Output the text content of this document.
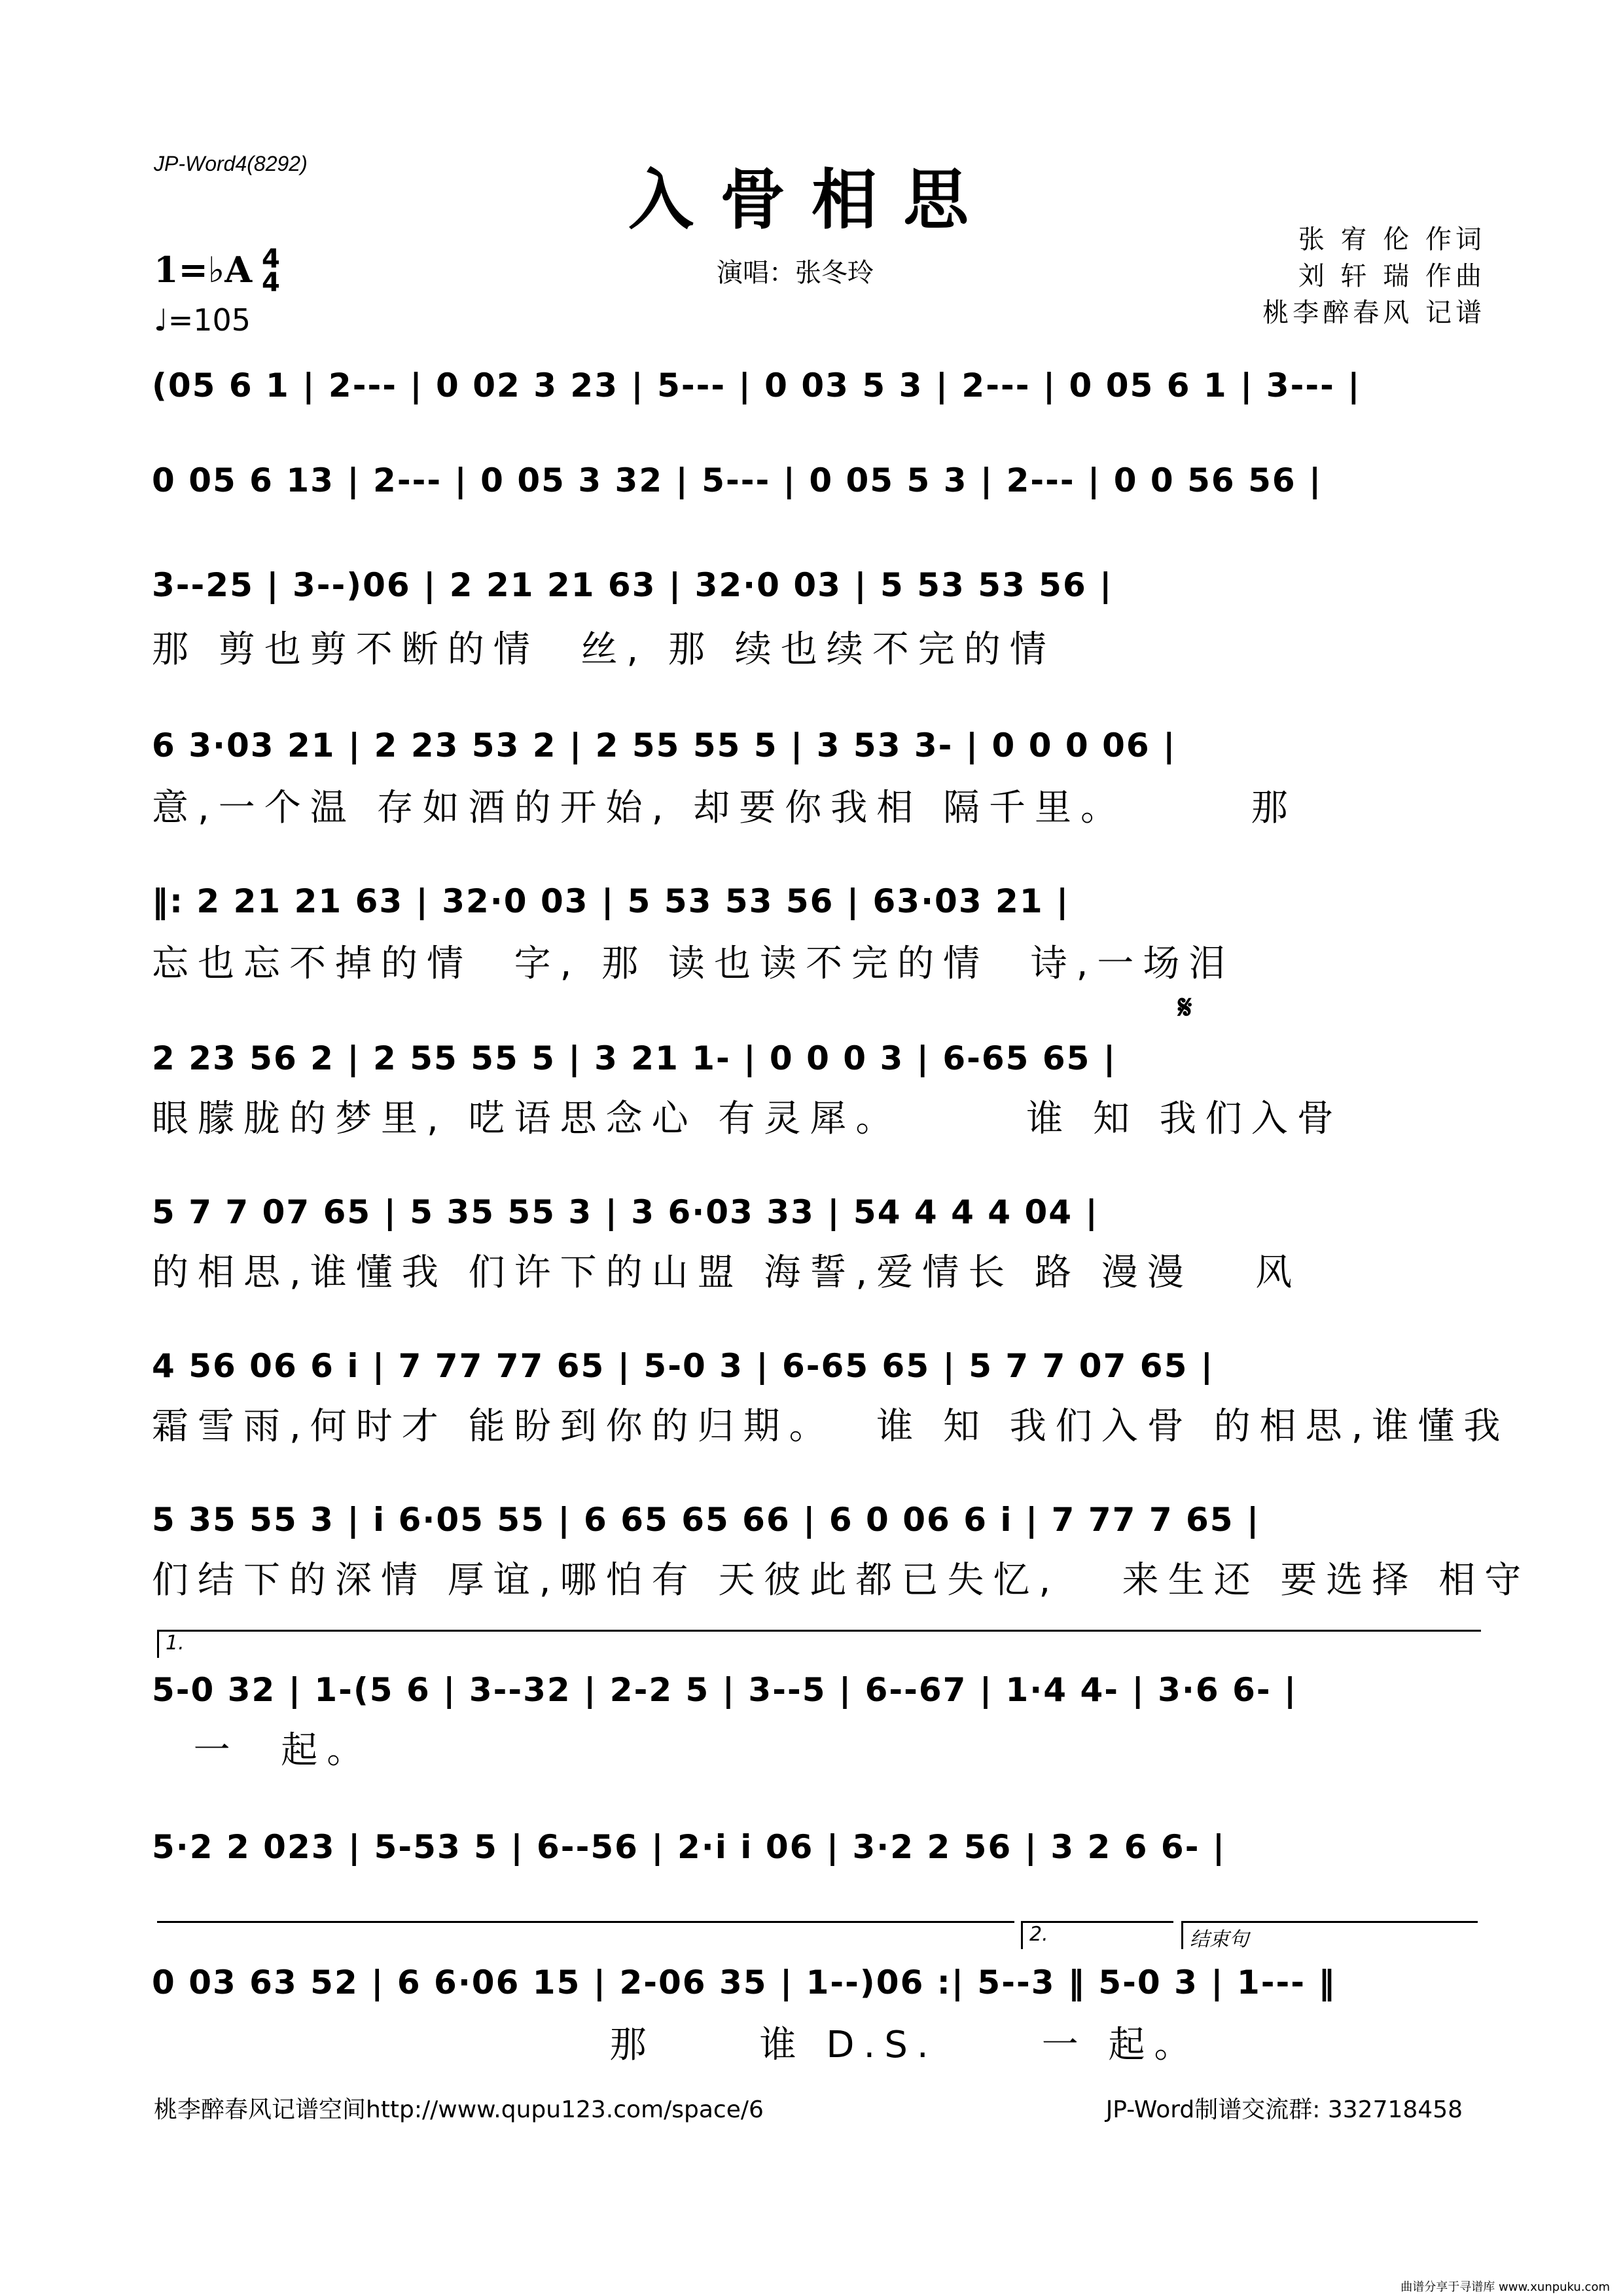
JP-Word4(8292)	入骨相思
1=♭A 4
4
♩=105
演唱：张冬玲
张 宥 伦 作词
刘 轩 瑞 作曲
桃李醉春风 记谱
(05 6 1 | 2--- | 0 02 3 23 | 5--- | 0 03 5 3 | 2--- | 0 05 6 1 | 3--- |
0 05 6 13 | 2--- | 0 05 3 32 | 5--- | 0 05 5 3 | 2--- | 0 0 56 56 |
3--25 | 3--)06 | 2 21 21 63 | 32·0 03 | 5 53 53 56 |
那 剪也剪不断的情  丝, 那 续也续不完的情
6 3·03 21 | 2 23 53 2 | 2 55 55 5 | 3 53 3- | 0 0 0 06 |
意,一个温 存如酒的开始, 却要你我相 隔千里。      那
‖: 2 21 21 63 | 32·0 03 | 5 53 53 56 | 63·03 21 |
忘也忘不掉的情  字, 那 读也读不完的情  诗,一场泪
𝄋
2 23 56 2 | 2 55 55 5 | 3 21 1- | 0 0 0 3 | 6-65 65 |
眼朦胧的梦里, 呓语思念心 有灵犀。      谁 知 我们入骨
5 7 7 07 65 | 5 35 55 3 | 3 6·03 33 | 54 4 4 4 04 |
的相思,谁懂我 们许下的山盟 海誓,爱情长 路 漫漫   风
4 56 06 6 i | 7 77 77 65 | 5-0 3 | 6-65 65 | 5 7 7 07 65 |
霜雪雨,何时才 能盼到你的归期。  谁 知 我们入骨 的相思,谁懂我
5 35 55 3 | i 6·05 55 | 6 65 65 66 | 6 0 06 6 i | 7 77 7 65 |
们结下的深情 厚谊,哪怕有 天彼此都已失忆,   来生还 要选择 相守
1.
5-0 32 | 1-(5 6 | 3--32 | 2-2 5 | 3--5 | 6--67 | 1·4 4- | 3·6 6- |
一  起。
5·2 2 023 | 5-53 5 | 6--56 | 2·i i 06 | 3·2 2 56 | 3 2 6 6- |
2.	结束句
0 03 63 52 | 6 6·06 15 | 2-06 35 | 1--)06 :| 5--3 ‖ 5-0 3 | 1--- ‖
那     谁 D.S.     一 起。
桃李醉春风记谱空间http://www.qupu123.com/space/6	JP-Word制谱交流群: 332718458
曲谱分享于寻谱库 www.xunpuku.com
